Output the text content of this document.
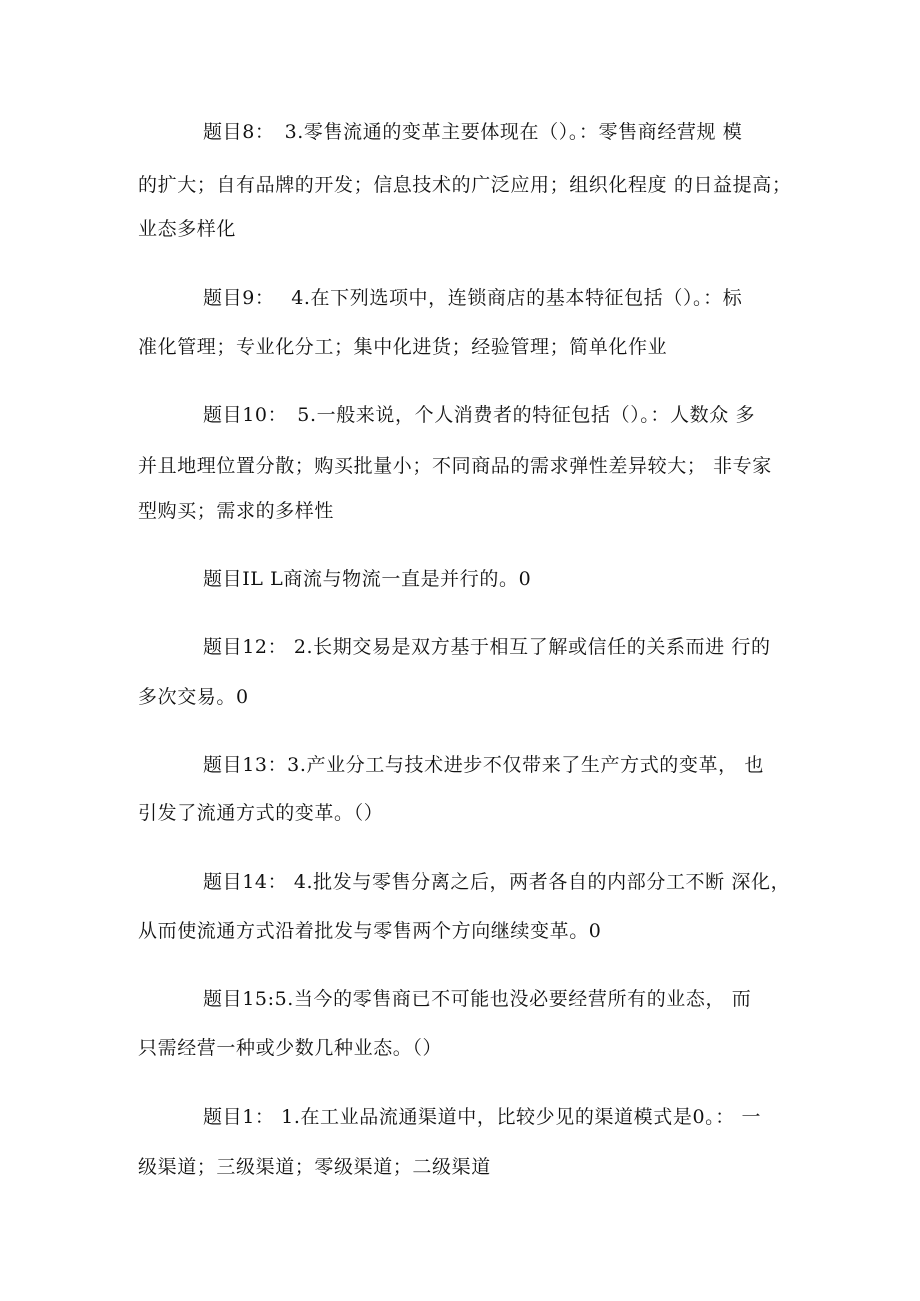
题目8：　3.零售流通的变革主要体现在（）。：零售商经营规 模
的扩大；自有品牌的开发；信息技术的广泛应用；组织化程度 的日益提高；
业态多样化
题目9：　 4.在下列选项中，连锁商店的基本特征包括（）。：标
准化管理；专业化分工；集中化进货；经验管理；简单化作业
题目10：　5.一般来说，个人消费者的特征包括（）。：人数众 多
并且地理位置分散；购买批量小；不同商品的需求弹性差异较大； 非专家
型购买；需求的多样性
题目IL L商流与物流一直是并行的。0
题目12： 2.长期交易是双方基于相互了解或信任的关系而进 行的
多次交易。0
题目13：3.产业分工与技术进步不仅带来了生产方式的变革， 也
引发了流通方式的变革。（）
题目14： 4.批发与零售分离之后，两者各自的内部分工不断 深化，
从而使流通方式沿着批发与零售两个方向继续变革。0
题目15:5.当今的零售商已不可能也没必要经营所有的业态， 而
只需经营一种或少数几种业态。（）
题目1： 1.在工业品流通渠道中，比较少见的渠道模式是0。： 一
级渠道；三级渠道；零级渠道；二级渠道
